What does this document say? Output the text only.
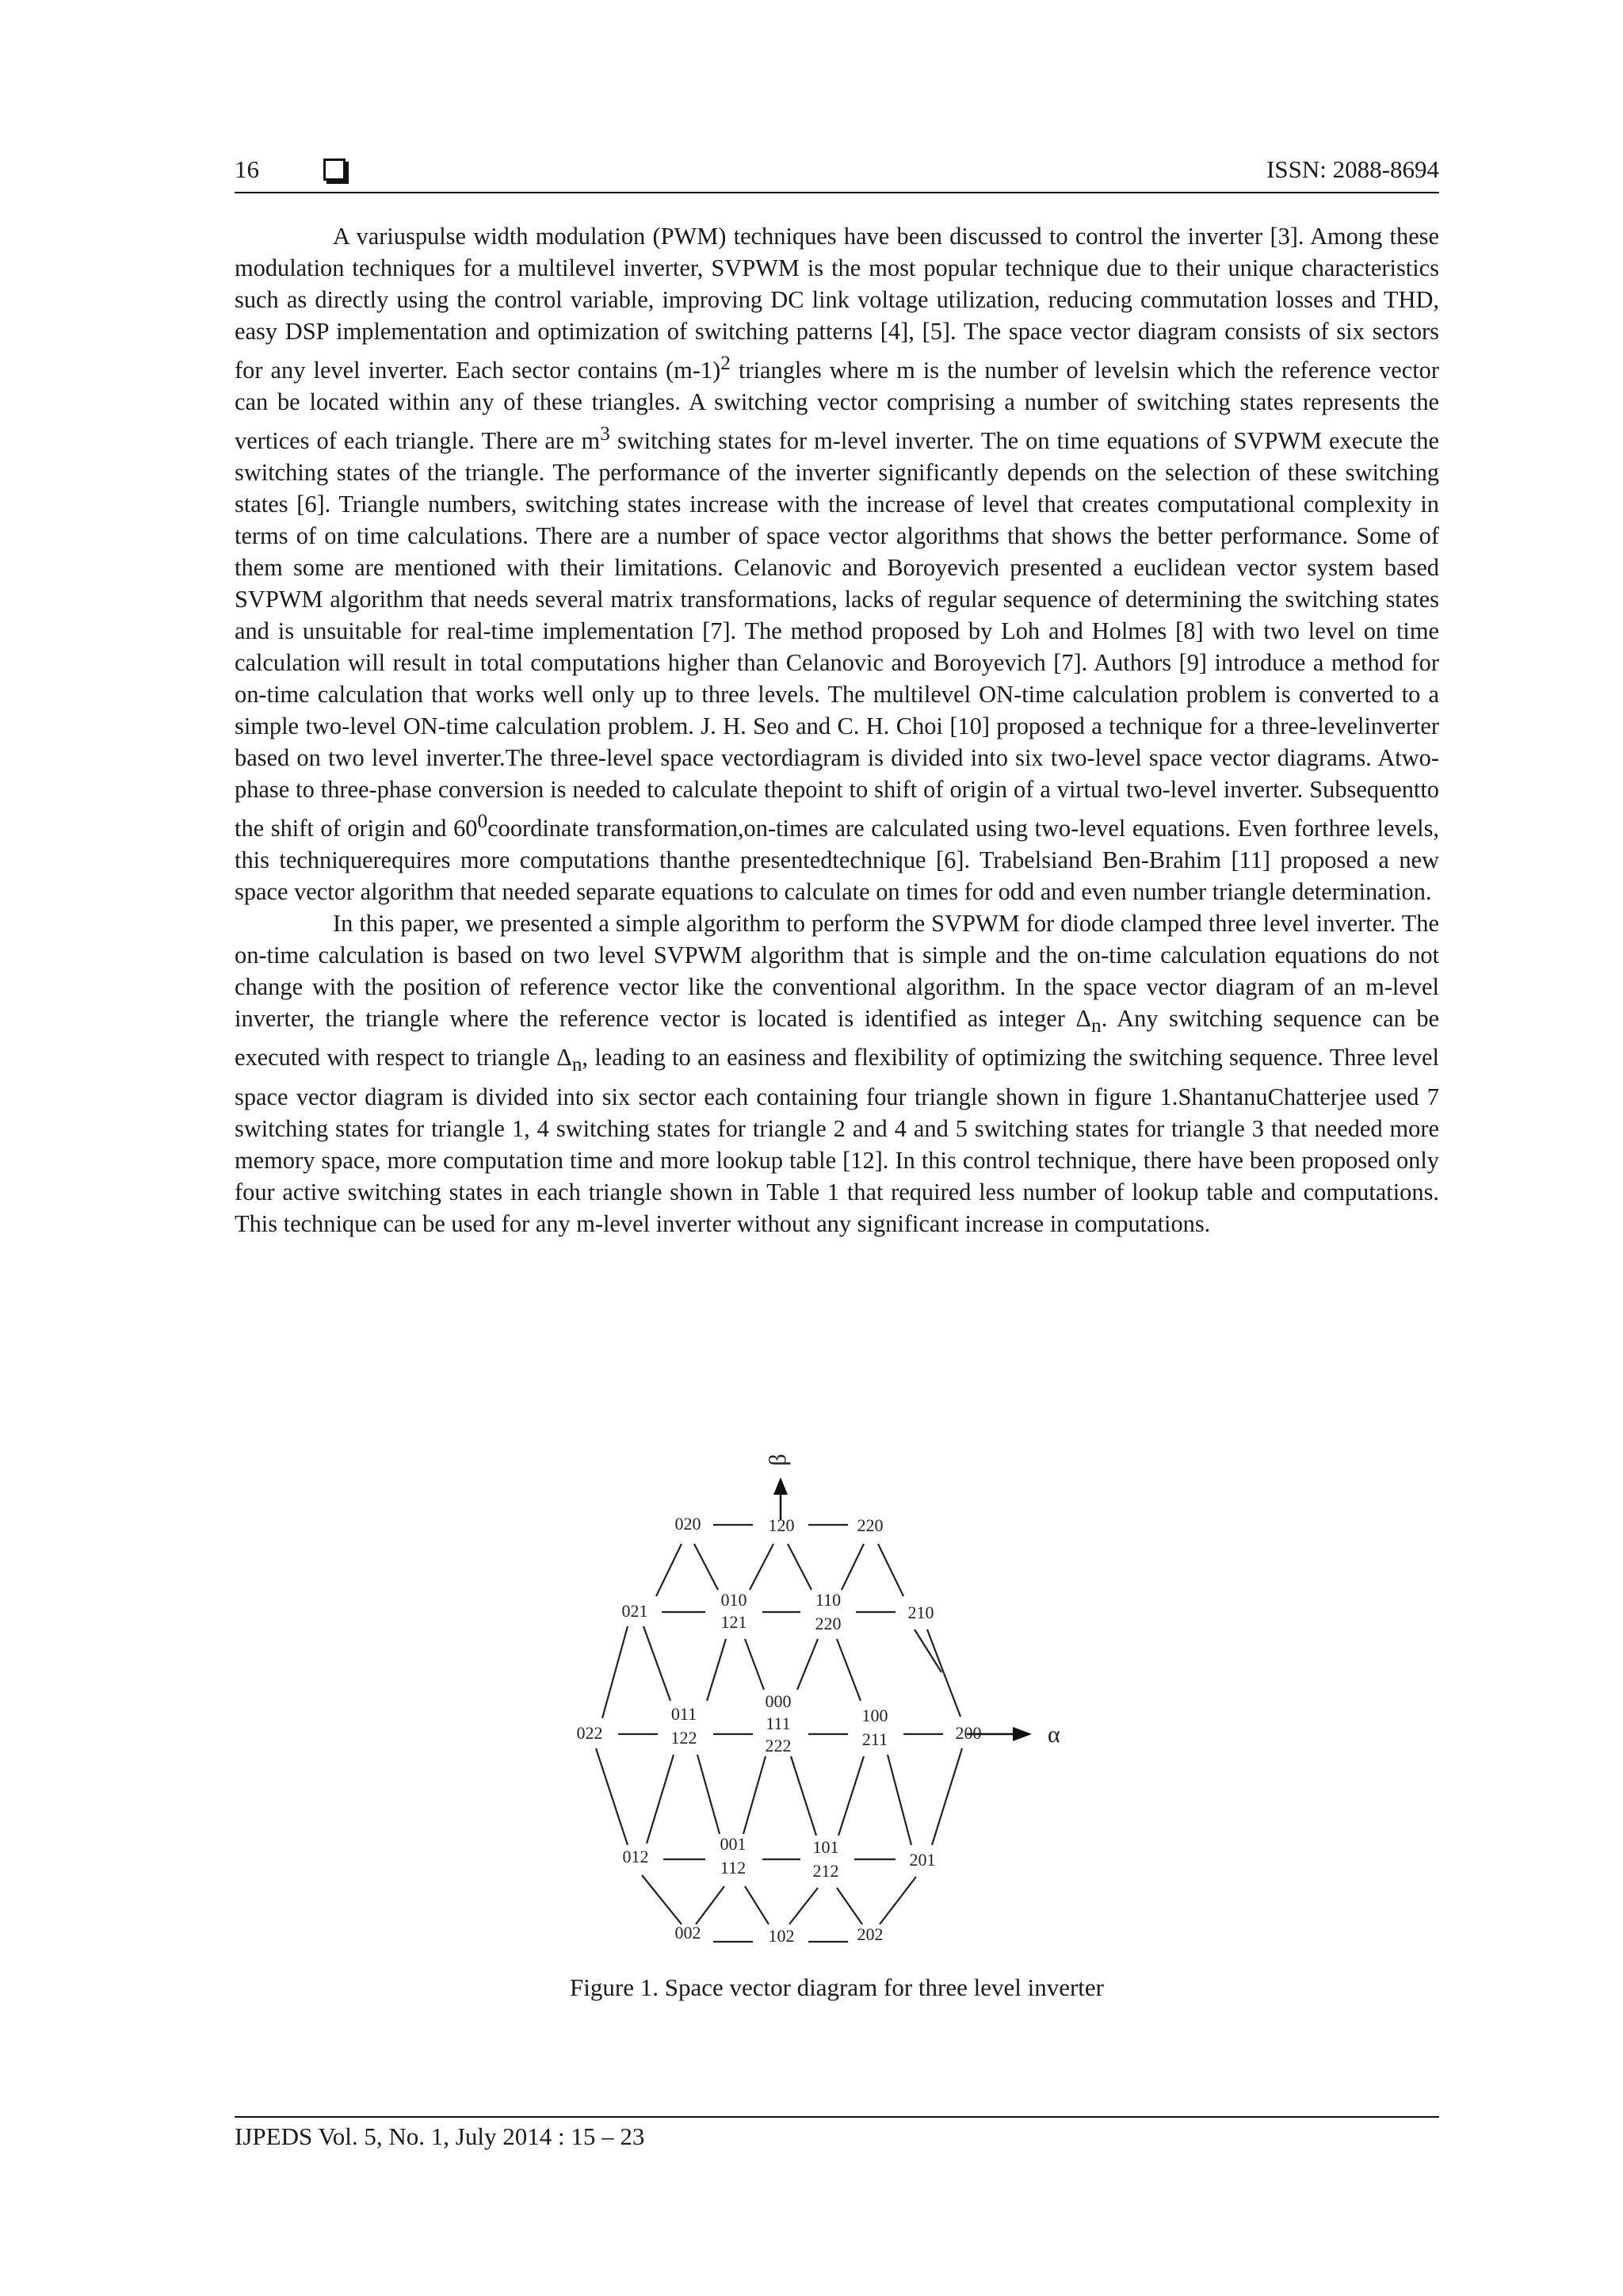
16	ISSN: 2088-8694

A variuspulse width modulation (PWM) techniques have been discussed to control the inverter [3]. Among these modulation techniques for a multilevel inverter, SVPWM is the most popular technique due to their unique characteristics such as directly using the control variable, improving DC link voltage utilization, reducing commutation losses and THD, easy DSP implementation and optimization of switching patterns [4], [5]. The space vector diagram consists of six sectors for any level inverter. Each sector contains $(m-1)^2$ triangles where m is the number of levelsin which the reference vector can be located within any of these triangles. A switching vector comprising a number of switching states represents the vertices of each triangle. There are $m^3$ switching states for m-level inverter. The on time equations of SVPWM execute the switching states of the triangle. The performance of the inverter significantly depends on the selection of these switching states [6]. Triangle numbers, switching states increase with the increase of level that creates computational complexity in terms of on time calculations. There are a number of space vector algorithms that shows the better performance. Some of them some are mentioned with their limitations. Celanovic and Boroyevich presented a euclidean vector system based SVPWM algorithm that needs several matrix transformations, lacks of regular sequence of determining the switching states and is unsuitable for real-time implementation [7]. The method proposed by Loh and Holmes [8] with two level on time calculation will result in total computations higher than Celanovic and Boroyevich [7]. Authors [9] introduce a method for on-time calculation that works well only up to three levels. The multilevel ON-time calculation problem is converted to a simple two-level ON-time calculation problem. J. H. Seo and C. H. Choi [10] proposed a technique for a three-levelinverter based on two level inverter.The three-level space vectordiagram is divided into six two-level space vector diagrams. Atwo-phase to three-phase conversion is needed to calculate thepoint to shift of origin of a virtual two-level inverter. Subsequentto the shift of origin and $60^0coordinate$ transformation,on-times are calculated using two-level equations. Even forthree levels, this techniquerequires more computations thanthe presentedtechnique [6]. Trabelsiand Ben-Brahim [11] proposed a new space vector algorithm that needed separate equations to calculate on times for odd and even number triangle determination.

In this paper, we presented a simple algorithm to perform the SVPWM for diode clamped three level inverter. The on-time calculation is based on two level SVPWM algorithm that is simple and the on-time calculation equations do not change with the position of reference vector like the conventional algorithm. In the space vector diagram of an m-level inverter, the triangle where the reference vector is located is identified as integer $\Delta_n$. Any switching sequence can be executed with respect to triangle $\Delta_n$, leading to an easiness and flexibility of optimizing the switching sequence. Three level space vector diagram is divided into six sector each containing four triangle shown in figure 1.ShantanuChatterjee used 7 switching states for triangle 1, 4 switching states for triangle 2 and 4 and 5 switching states for triangle 3 that needed more memory space, more computation time and more lookup table [12]. In this control technique, there have been proposed only four active switching states in each triangle shown in Table 1 that required less number of lookup table and computations. This technique can be used for any m-level inverter without any significant increase in computations.

β
α
020	120	220
021
010
121
110
220
210
022
011
122
000
111
222
100
211	200
012
001
112
101
212
201
002	102	202
Figure 1. Space vector diagram for three level inverter
IJPEDS Vol. 5, No. 1, July 2014 : 15 – 23
